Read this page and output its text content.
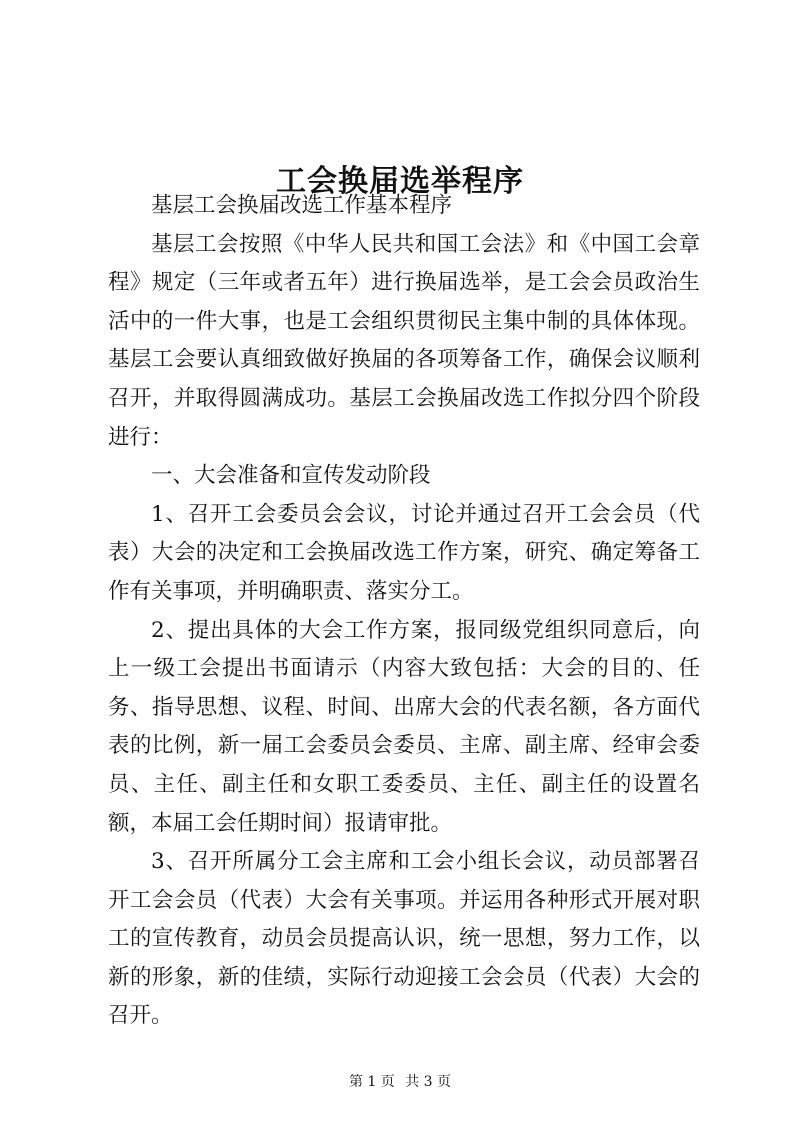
工会换届选举程序

基层工会换届改选工作基本程序

基层工会按照《中华人民共和国工会法》和《中国工会章程》规定（三年或者五年）进行换届选举，是工会会员政治生活中的一件大事，也是工会组织贯彻民主集中制的具体体现。基层工会要认真细致做好换届的各项筹备工作，确保会议顺利召开，并取得圆满成功。基层工会换届改选工作拟分四个阶段进行：

一、大会准备和宣传发动阶段

1、召开工会委员会会议，讨论并通过召开工会会员（代表）大会的决定和工会换届改选工作方案，研究、确定筹备工作有关事项，并明确职责、落实分工。

2、提出具体的大会工作方案，报同级党组织同意后，向上一级工会提出书面请示（内容大致包括：大会的目的、任务、指导思想、议程、时间、出席大会的代表名额，各方面代表的比例，新一届工会委员会委员、主席、副主席、经审会委员、主任、副主任和女职工委委员、主任、副主任的设置名额，本届工会任期时间）报请审批。

3、召开所属分工会主席和工会小组长会议，动员部署召开工会会员（代表）大会有关事项。并运用各种形式开展对职工的宣传教育，动员会员提高认识，统一思想，努力工作，以新的形象，新的佳绩，实际行动迎接工会会员（代表）大会的召开。

第 1 页 共 3 页
